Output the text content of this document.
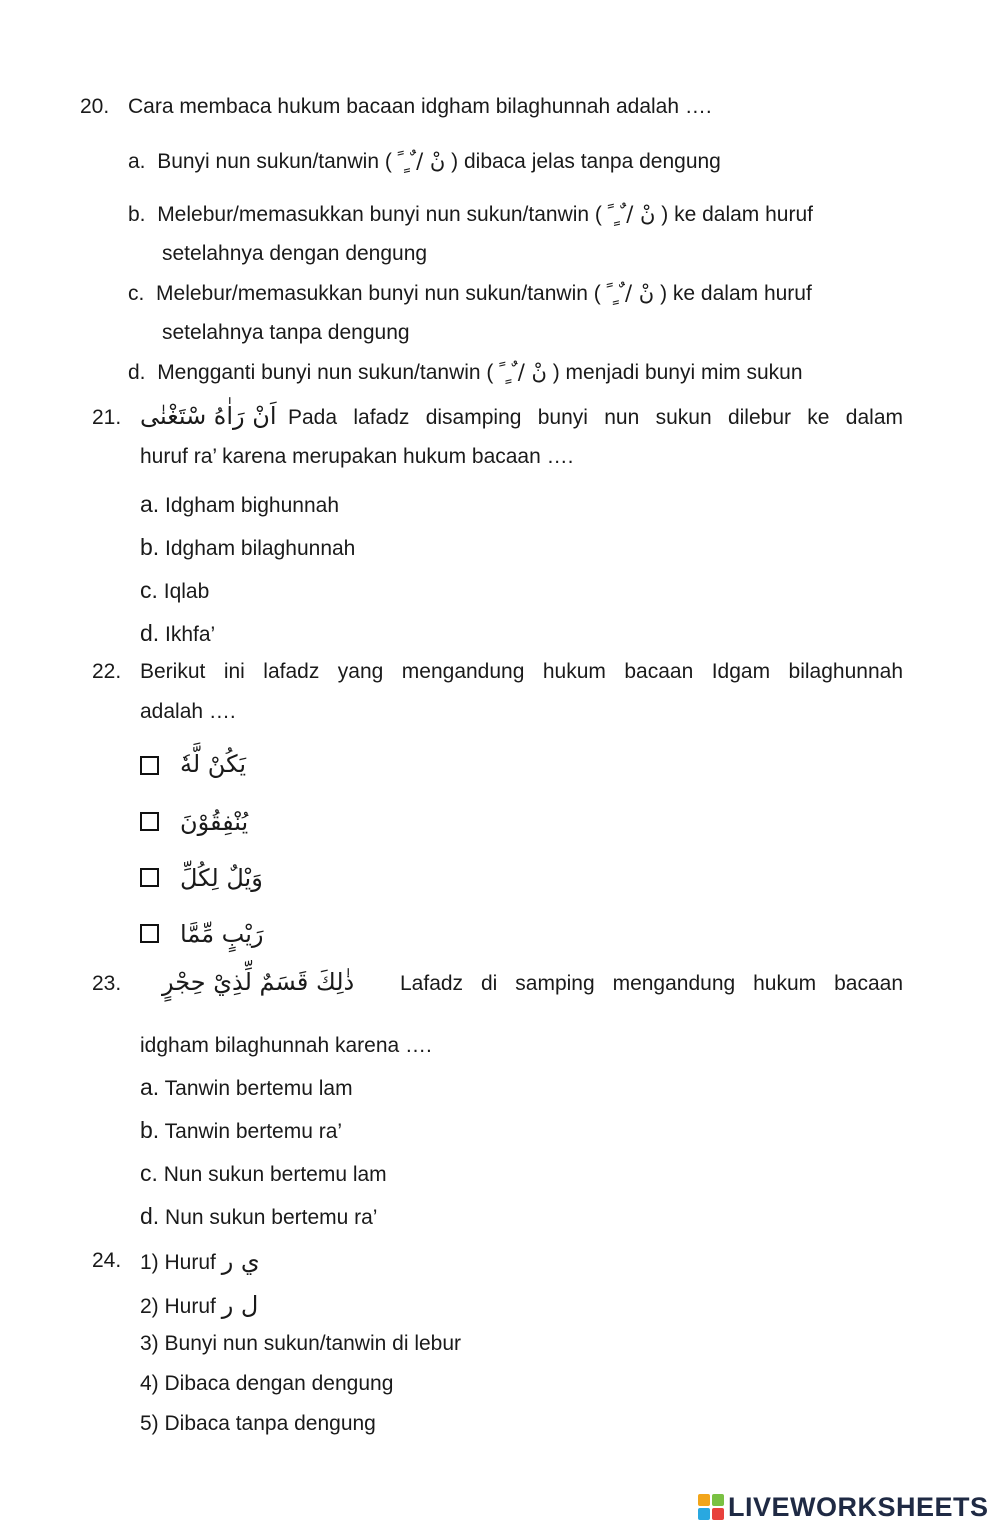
20. Cara membaca hukum bacaan idgham bilaghunnah adalah ….
a. Bunyi nun sukun/tanwin ( نْ / ٌ ٍ ً ) dibaca jelas tanpa dengung
b. Melebur/memasukkan bunyi nun sukun/tanwin ( نْ / ٌ ٍ ً ) ke dalam huruf
setelahnya dengan dengung
c. Melebur/memasukkan bunyi nun sukun/tanwin ( نْ / ٌ ٍ ً ) ke dalam huruf
setelahnya tanpa dengung
d. Mengganti bunyi nun sukun/tanwin ( نْ / ٌ ٍ ً ) menjadi bunyi mim sukun
21. اَنْ رَاٰهُ سْتَغْنٰى Pada lafadz disamping bunyi nun sukun dilebur ke dalam
huruf ra’ karena merupakan hukum bacaan ….
a. Idgham bighunnah
b. Idgham bilaghunnah
c. Iqlab
d. Ikhfa’
22. Berikut ini lafadz yang mengandung hukum bacaan Idgam bilaghunnah
adalah ….
يَكُنْ لَّهٗ
يُنْفِقُوْنَ
وَيْلٌ لِكُلِّ
رَيْبٍ مِّمَّا
23. ذٰلِكَ قَسَمٌ لِّذِيْ حِجْرٍ Lafadz di samping mengandung hukum bacaan
idgham bilaghunnah karena ….
a. Tanwin bertemu lam
b. Tanwin bertemu ra’
c. Nun sukun bertemu lam
d. Nun sukun bertemu ra’
24. 1) Huruf ي ر
2) Huruf ل ر
3) Bunyi nun sukun/tanwin di lebur
4) Dibaca dengan dengung
5) Dibaca tanpa dengung
LIVEWORKSHEETS
